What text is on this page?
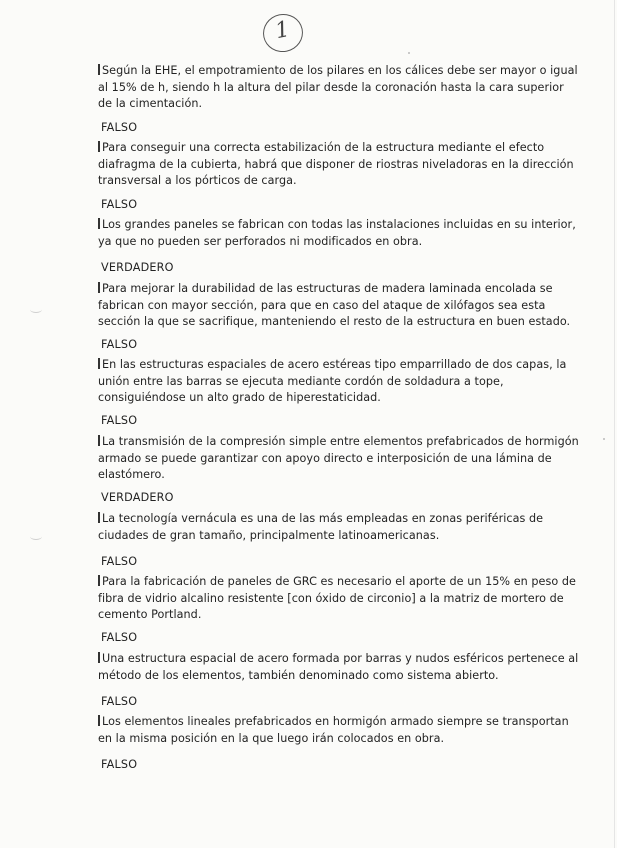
1
Según la EHE, el empotramiento de los pilares en los cálices debe ser mayor o igual
al 15% de h, siendo h la altura del pilar desde la coronación hasta la cara superior
de la cimentación.
FALSO
Para conseguir una correcta estabilización de la estructura mediante el efecto
diafragma de la cubierta, habrá que disponer de riostras niveladoras en la dirección
transversal a los pórticos de carga.
FALSO
Los grandes paneles se fabrican con todas las instalaciones incluidas en su interior,
ya que no pueden ser perforados ni modificados en obra.
VERDADERO
Para mejorar la durabilidad de las estructuras de madera laminada encolada se
fabrican con mayor sección, para que en caso del ataque de xilófagos sea esta
sección la que se sacrifique, manteniendo el resto de la estructura en buen estado.
FALSO
En las estructuras espaciales de acero estéreas tipo emparrillado de dos capas, la
unión entre las barras se ejecuta mediante cordón de soldadura a tope,
consiguiéndose un alto grado de hiperestaticidad.
FALSO
La transmisión de la compresión simple entre elementos prefabricados de hormigón
armado se puede garantizar con apoyo directo e interposición de una lámina de
elastómero.
VERDADERO
La tecnología vernácula es una de las más empleadas en zonas periféricas de
ciudades de gran tamaño, principalmente latinoamericanas.
FALSO
Para la fabricación de paneles de GRC es necesario el aporte de un 15% en peso de
fibra de vidrio alcalino resistente [con óxido de circonio] a la matriz de mortero de
cemento Portland.
FALSO
Una estructura espacial de acero formada por barras y nudos esféricos pertenece al
método de los elementos, también denominado como sistema abierto.
FALSO
Los elementos lineales prefabricados en hormigón armado siempre se transportan
en la misma posición en la que luego irán colocados en obra.
FALSO
